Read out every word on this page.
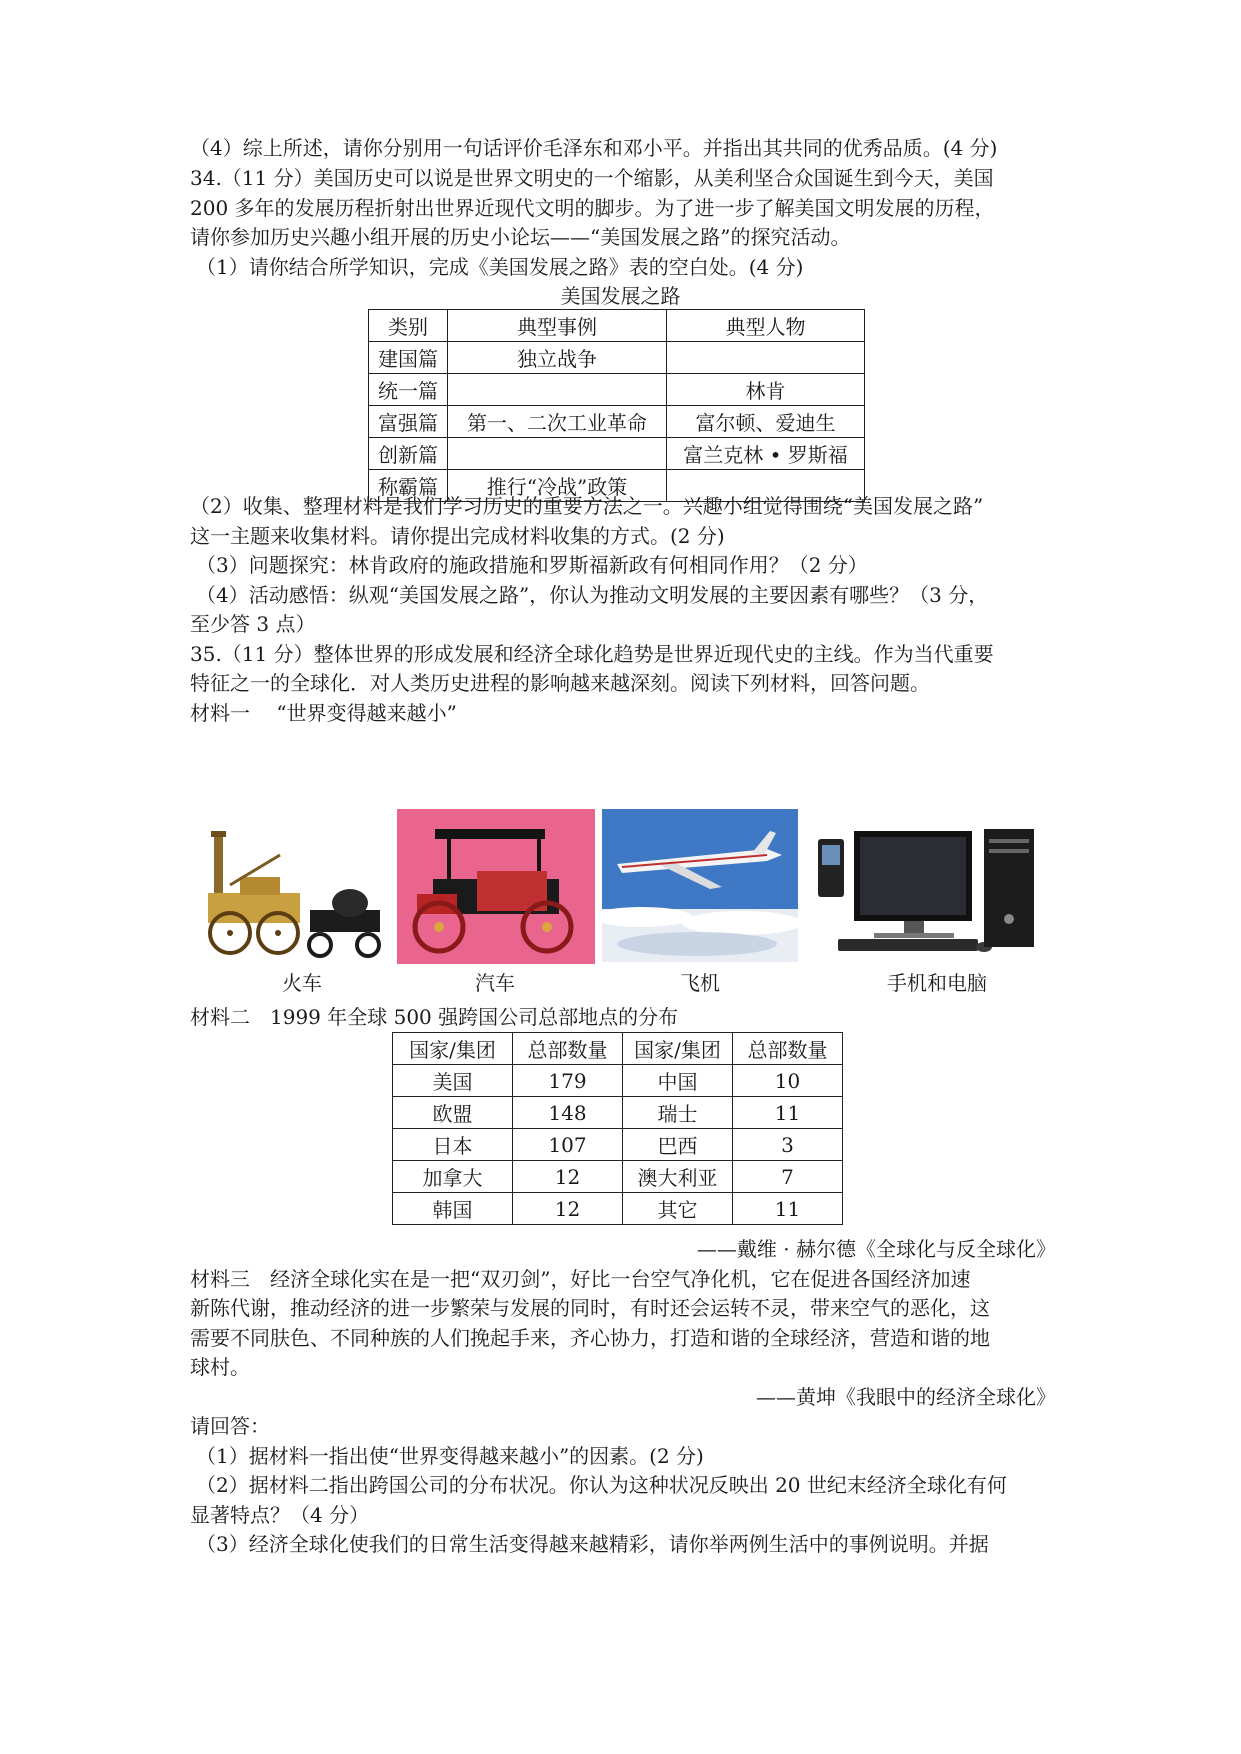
（4）综上所述，请你分别用一句话评价毛泽东和邓小平。并指出其共同的优秀品质。(4 分)
34.（11 分）美国历史可以说是世界文明史的一个缩影，从美利坚合众国诞生到今天，美国
200 多年的发展历程折射出世界近现代文明的脚步。为了进一步了解美国文明发展的历程，
请你参加历史兴趣小组开展的历史小论坛——“美国发展之路”的探究活动。
（1）请你结合所学知识，完成《美国发展之路》表的空白处。(4 分)
美国发展之路
类别	典型事例	典型人物
建国篇	独立战争	
统一篇		林肯
富强篇	第一、二次工业革命	富尔顿、爱迪生
创新篇		富兰克林 • 罗斯福
称霸篇	推行“冷战”政策	
（2）收集、整理材料是我们学习历史的重要方法之一。兴趣小组觉得围绕“美国发展之路”
这一主题来收集材料。请你提出完成材料收集的方式。(2 分)
（3）问题探究：林肯政府的施政措施和罗斯福新政有何相同作用？（2 分）
（4）活动感悟：纵观“美国发展之路”，你认为推动文明发展的主要因素有哪些？（3 分，
至少答 3 点）
35.（11 分）整体世界的形成发展和经济全球化趋势是世界近现代史的主线。作为当代重要
特征之一的全球化．对人类历史进程的影响越来越深刻。阅读下列材料，回答问题。
材料一　 “世界变得越来越小”
火车	汽车	飞机	手机和电脑
材料二　1999 年全球 500 强跨国公司总部地点的分布
国家/集团	总部数量	国家/集团	总部数量
美国	179	中国	10
欧盟	148	瑞士	11
日本	107	巴西	3
加拿大	12	澳大利亚	7
韩国	12	其它	11
——戴维 · 赫尔德《全球化与反全球化》
材料三　经济全球化实在是一把“双刃剑”，好比一台空气净化机，它在促进各国经济加速
新陈代谢，推动经济的进一步繁荣与发展的同时，有时还会运转不灵，带来空气的恶化，这
需要不同肤色、不同种族的人们挽起手来，齐心协力，打造和谐的全球经济，营造和谐的地
球村。
——黄坤《我眼中的经济全球化》
请回答：
（1）据材料一指出使“世界变得越来越小”的因素。(2 分)
（2）据材料二指出跨国公司的分布状况。你认为这种状况反映出 20 世纪末经济全球化有何
显著特点？（4 分）
（3）经济全球化使我们的日常生活变得越来越精彩，请你举两例生活中的事例说明。并据
